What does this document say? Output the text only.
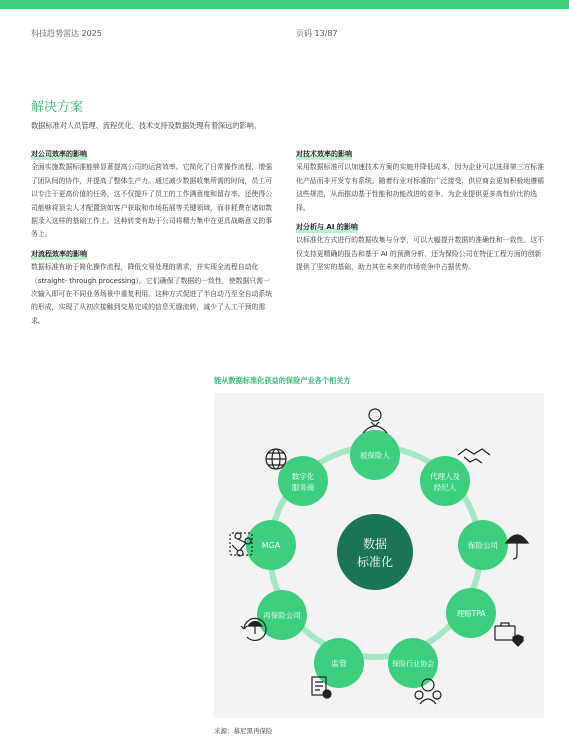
科技趋势雷达 2025	页码 13/87
解决方案
数据标准对人员管理、流程优化、技术支持及数据处理有着深远的影响。
对公司效率的影响

全面实施数据标准能够显著提高公司的运营效率。它简化了日常操作流程，增强了团队间的协作，并提高了整体生产力。通过减少数据收集所需的时间，员工可以专注于更高价值的任务，这不仅提升了员工的工作满意度和留存率，还使得公司能够将顶尖人才配置到如客户获取和市场拓展等关键领域，而非耗费在诸如数据录入这样的基础工作上。这种转变有助于公司将精力集中在更具战略意义的事务上。

对流程效率的影响

数据标准有助于简化操作流程，降低交易处理的需求，并实现全流程自动化（straight- through processing）。它们确保了数据的一致性，使数据只需一次输入即可在不同业务场景中重复利用。这种方式促进了半自动乃至全自动系统的形成，实现了从初次接触到交易完成的信息无缝流转，减少了人工干预的需求。

对技术效率的影响

采用数据标准可以加速技术方案的实施并降低成本，因为企业可以选择第三方标准化产品而非开发专有系统。随着行业对标准的广泛接受，供应商会更加积极地遵循这些规范，从而推动基于性能和功能改进的竞争，为企业提供更多高性价比的选择。

对分析与 AI 的影响

以标准化方式进行的数据收集与分享，可以大幅提升数据的准确性和一致性。这不仅支持更精确的报告和基于 AI 的预测分析，还为保险公司在特征工程方面的创新提供了坚实的基础，助力其在未来的市场竞争中占据优势。

能从数据标准化获益的保险产业各个相关方
数据
标准化
被保险人
代理人及
经纪人
保险公司
理赔TPA
保险行业协会
监管
再保险公司
MGA
数字化
服务商
来源：慕尼黑再保险
